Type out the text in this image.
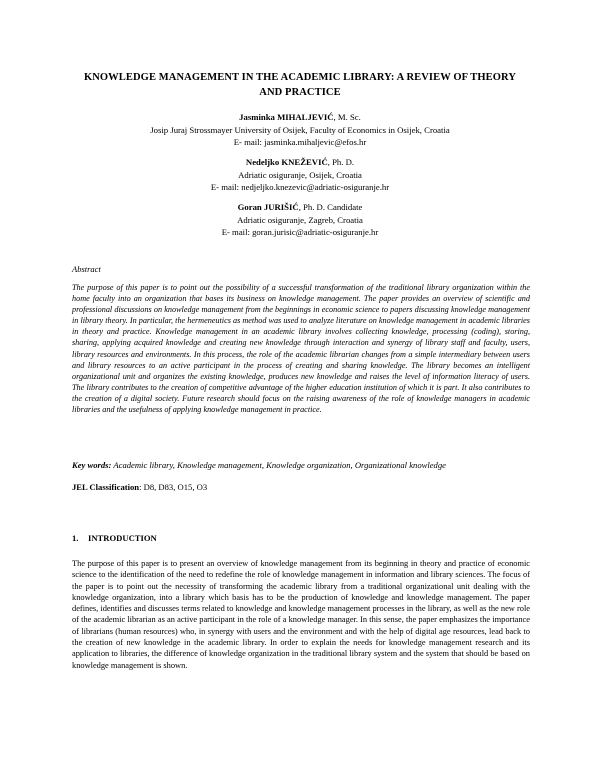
KNOWLEDGE MANAGEMENT IN THE ACADEMIC LIBRARY: A REVIEW OF THEORY AND PRACTICE
Jasminka MIHALJEVIĆ, M. Sc.
Josip Juraj Strossmayer University of Osijek, Faculty of Economics in Osijek, Croatia
E- mail: jasminka.mihaljevic@efos.hr
Nedeljko KNEŽEVIĆ, Ph. D.
Adriatic osiguranje, Osijek, Croatia
E- mail: nedjeljko.knezevic@adriatic-osiguranje.hr
Goran JURIŠIĆ, Ph. D. Candidate
Adriatic osiguranje, Zagreb, Croatia
E- mail: goran.jurisic@adriatic-osiguranje.hr
Abstract
The purpose of this paper is to point out the possibility of a successful transformation of the traditional library organization within the home faculty into an organization that bases its business on knowledge management. The paper provides an overview of scientific and professional discussions on knowledge management from the beginnings in economic science to papers discussing knowledge management in library theory. In particular, the hermeneutics as method was used to analyze literature on knowledge management in academic libraries in theory and practice. Knowledge management in an academic library involves collecting knowledge, processing (coding), storing, sharing, applying acquired knowledge and creating new knowledge through interaction and synergy of library staff and faculty, users, library resources and environments. In this process, the role of the academic librarian changes from a simple intermediary between users and library resources to an active participant in the process of creating and sharing knowledge. The library becomes an intelligent organizational unit and organizes the existing knowledge, produces new knowledge and raises the level of information literacy of users. The library contributes to the creation of competitive advantage of the higher education institution of which it is part. It also contributes to the creation of a digital society. Future research should focus on the raising awareness of the role of knowledge managers in academic libraries and the usefulness of applying knowledge management in practice.
Key words: Academic library, Knowledge management, Knowledge organization, Organizational knowledge
JEL Classification: D8, D83, O15, O3
1. INTRODUCTION
The purpose of this paper is to present an overview of knowledge management from its beginning in theory and practice of economic science to the identification of the need to redefine the role of knowledge management in information and library sciences. The focus of the paper is to point out the necessity of transforming the academic library from a traditional organizational unit dealing with the knowledge organization, into a library which basis has to be the production of knowledge and knowledge management. The paper defines, identifies and discusses terms related to knowledge and knowledge management processes in the library, as well as the new role of the academic librarian as an active participant in the role of a knowledge manager. In this sense, the paper emphasizes the importance of librarians (human resources) who, in synergy with users and the environment and with the help of digital age resources, lead back to the creation of new knowledge in the academic library. In order to explain the needs for knowledge management research and its application to libraries, the difference of knowledge organization in the traditional library system and the system that should be based on knowledge management is shown.
